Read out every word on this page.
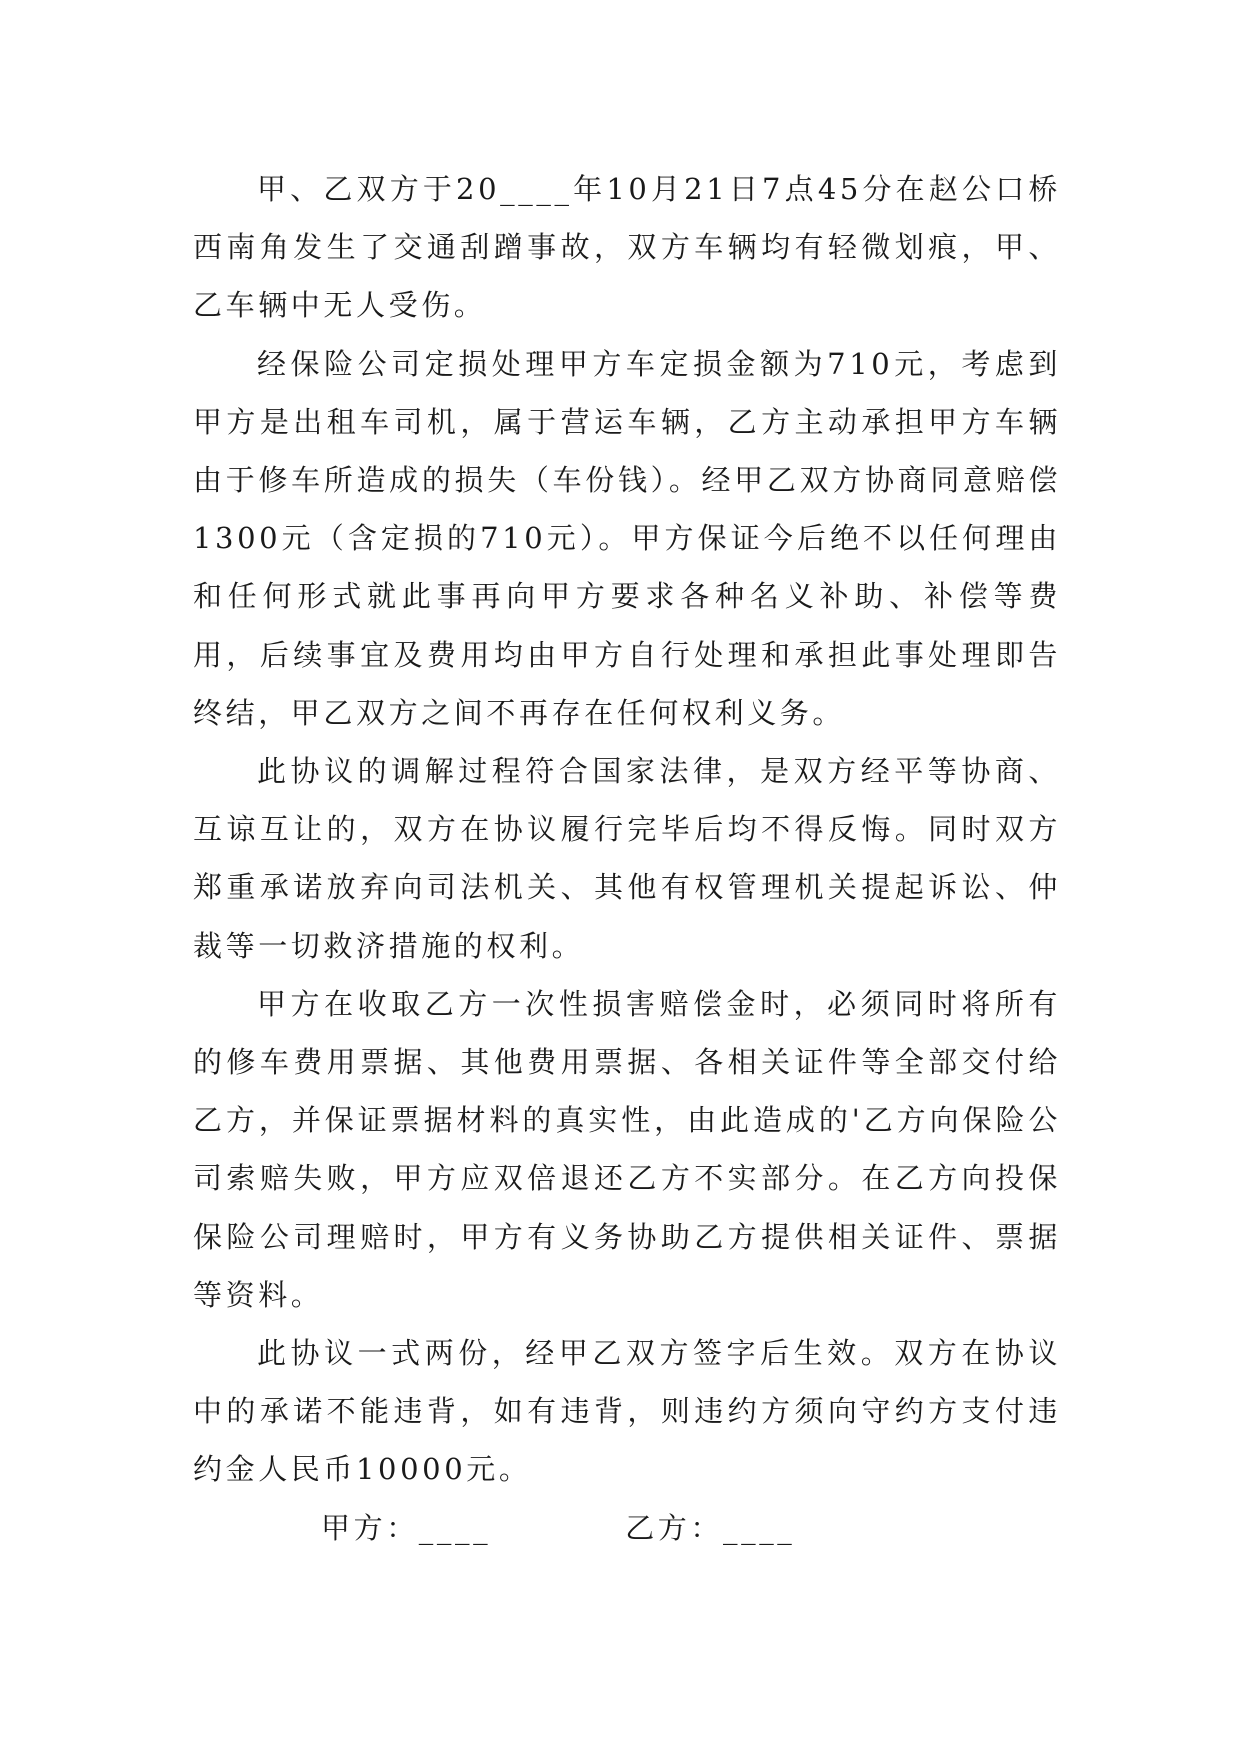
甲、乙双方于20____年10月21日7点45分在赵公口桥西南角发生了交通刮蹭事故，双方车辆均有轻微划痕，甲、乙车辆中无人受伤。

经保险公司定损处理甲方车定损金额为710元，考虑到甲方是出租车司机，属于营运车辆，乙方主动承担甲方车辆由于修车所造成的损失（车份钱）。经甲乙双方协商同意赔偿1300元（含定损的710元）。甲方保证今后绝不以任何理由和任何形式就此事再向甲方要求各种名义补助、补偿等费用，后续事宜及费用均由甲方自行处理和承担此事处理即告终结，甲乙双方之间不再存在任何权利义务。

此协议的调解过程符合国家法律，是双方经平等协商、互谅互让的，双方在协议履行完毕后均不得反悔。同时双方郑重承诺放弃向司法机关、其他有权管理机关提起诉讼、仲裁等一切救济措施的权利。

甲方在收取乙方一次性损害赔偿金时，必须同时将所有的修车费用票据、其他费用票据、各相关证件等全部交付给乙方，并保证票据材料的真实性，由此造成的'乙方向保险公司索赔失败，甲方应双倍退还乙方不实部分。在乙方向投保保险公司理赔时，甲方有义务协助乙方提供相关证件、票据等资料。

此协议一式两份，经甲乙双方签字后生效。双方在协议中的承诺不能违背，如有违背，则违约方须向守约方支付违约金人民币10000元。

甲方：____	乙方：____
